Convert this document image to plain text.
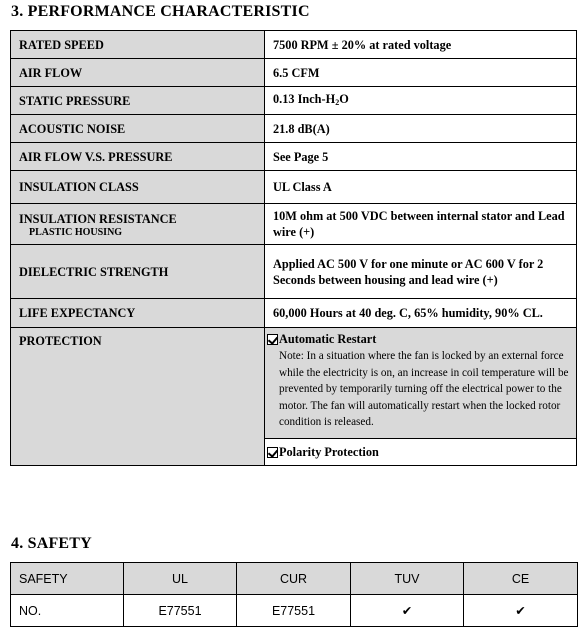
3. PERFORMANCE CHARACTERISTIC
RATED SPEED	7500 RPM ± 20% at rated voltage
AIR FLOW	6.5 CFM
STATIC PRESSURE	0.13 Inch-$H_2O$
ACOUSTIC NOISE	21.8 dB(A)
AIR FLOW V.S. PRESSURE	See Page 5
INSULATION CLASS	UL Class A
INSULATION RESISTANCE
PLASTIC HOUSING	10M ohm at 500 VDC between internal stator and Lead wire (+)
DIELECTRIC STRENGTH	Applied AC 500 V for one minute or AC 600 V for 2 Seconds between housing and lead wire (+)
LIFE EXPECTANCY	60,000 Hours at 40 deg. C, 65% humidity, 90% CL.
PROTECTION	Automatic Restart
Note: In a situation where the fan is locked by an external force while the electricity is on, an increase in coil temperature will be prevented by temporarily turning off the electrical power to the motor. The fan will automatically restart when the locked rotor condition is released.
Polarity Protection
4. SAFETY
SAFETY	UL	CUR	TUV	CE
NO.	E77551	E77551	✔	✔
